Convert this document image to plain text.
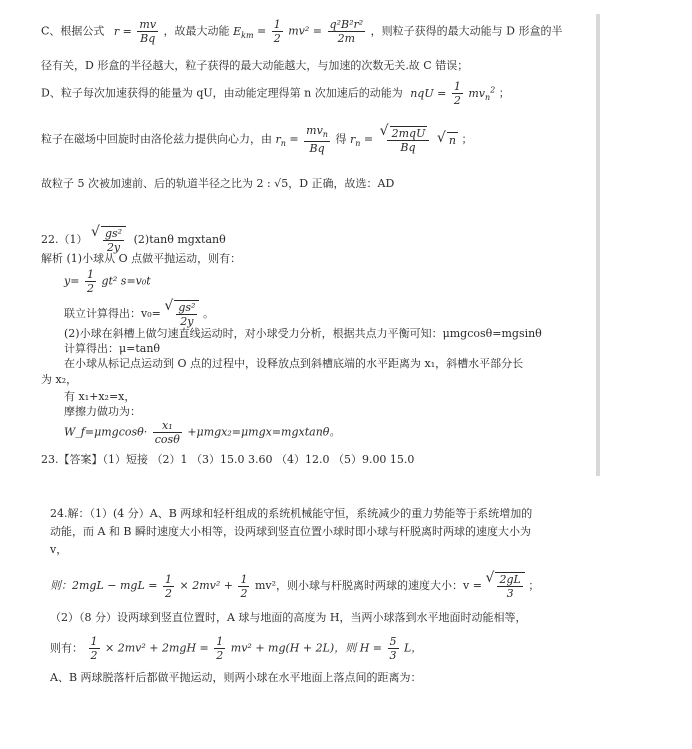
C、根据公式 $r = \frac{mv}{Bq}$ ，故最大动能 $E_{km} = \frac{1}{2} mv^2 = \frac{\text{q²B²r²}}{2m}$ ，则粒子获得的最大动能与 D 形盒的半
径有关，D 形盒的半径越大，粒子获得的最大动能越大，与加速的次数无关.故 C 错误；
D、粒子每次加速获得的能量为 qU，由动能定理得第 n 次加速后的动能为 nqU = $\frac{1}{2} mv_n^2$ ；
粒子在磁场中回旋时由洛伦兹力提供向心力，由 $r_n = \frac{mv_n}{Bq}$ 得 $r_n$ = √ $\frac{\text{2mqU}}{Bq}$ √ n ；
故粒子 5 次被加速前、后的轨道半径之比为 2 : √5，D 正确，故选：AD
22.（1） √ $\frac{\text{gs²}}{2y} (2)\tan\theta$ mgxtanθ
解析 (1)小球从 O 点做平抛运动，则有：
$y= \frac{1}{2} gt^2$ s=v₀t
联立计算得出：v₀= √ $\frac{\text{gs²}}{2y}$ 。
(2)小球在斜槽上做匀速直线运动时，对小球受力分析，根据共点力平衡可知：μmgcosθ=mgsinθ
计算得出：μ=tanθ
在小球从标记点运动到 O 点的过程中，设释放点到斜槽底端的水平距离为 x₁，斜槽水平部分长
为 x₂，
有 x₁+x₂=x，
摩擦力做功为：
W_f=μmgcosθ· $\frac{\text{x₁}}{\cos\theta} +\mu mgx_2=\mu mgx=mgxtan\theta$。
23.【答案】（1）短接 （2）1 （3）15.0 3.60 （4）12.0 （5）9.00 15.0
24.解：（1）(4 分）A、B 两球和轻杆组成的系统机械能守恒，系统减少的重力势能等于系统增加的
动能，而 A 和 B 瞬时速度大小相等，设两球到竖直位置小球时即小球与杆脱离时两球的速度大小为
v，
则：2mgL − mgL = $\frac{1}{2} \times 2mv^2 + \frac{1}{2} mv^2$，则小球与杆脱离时两球的速度大小：v = √ $\frac{2gL}{3}$ ；
（2）（8 分）设两球到竖直位置时，A 球与地面的高度为 H，当两小球落到水平地面时动能相等，
则有： $\frac{1}{2} \times 2mv^2 + 2mgH = \frac{1}{2} mv^2 + mg(H + 2L)$，则 $H = \frac{5}{3}$ L，
A、B 两球脱落杆后都做平抛运动，则两小球在水平地面上落点间的距离为：
